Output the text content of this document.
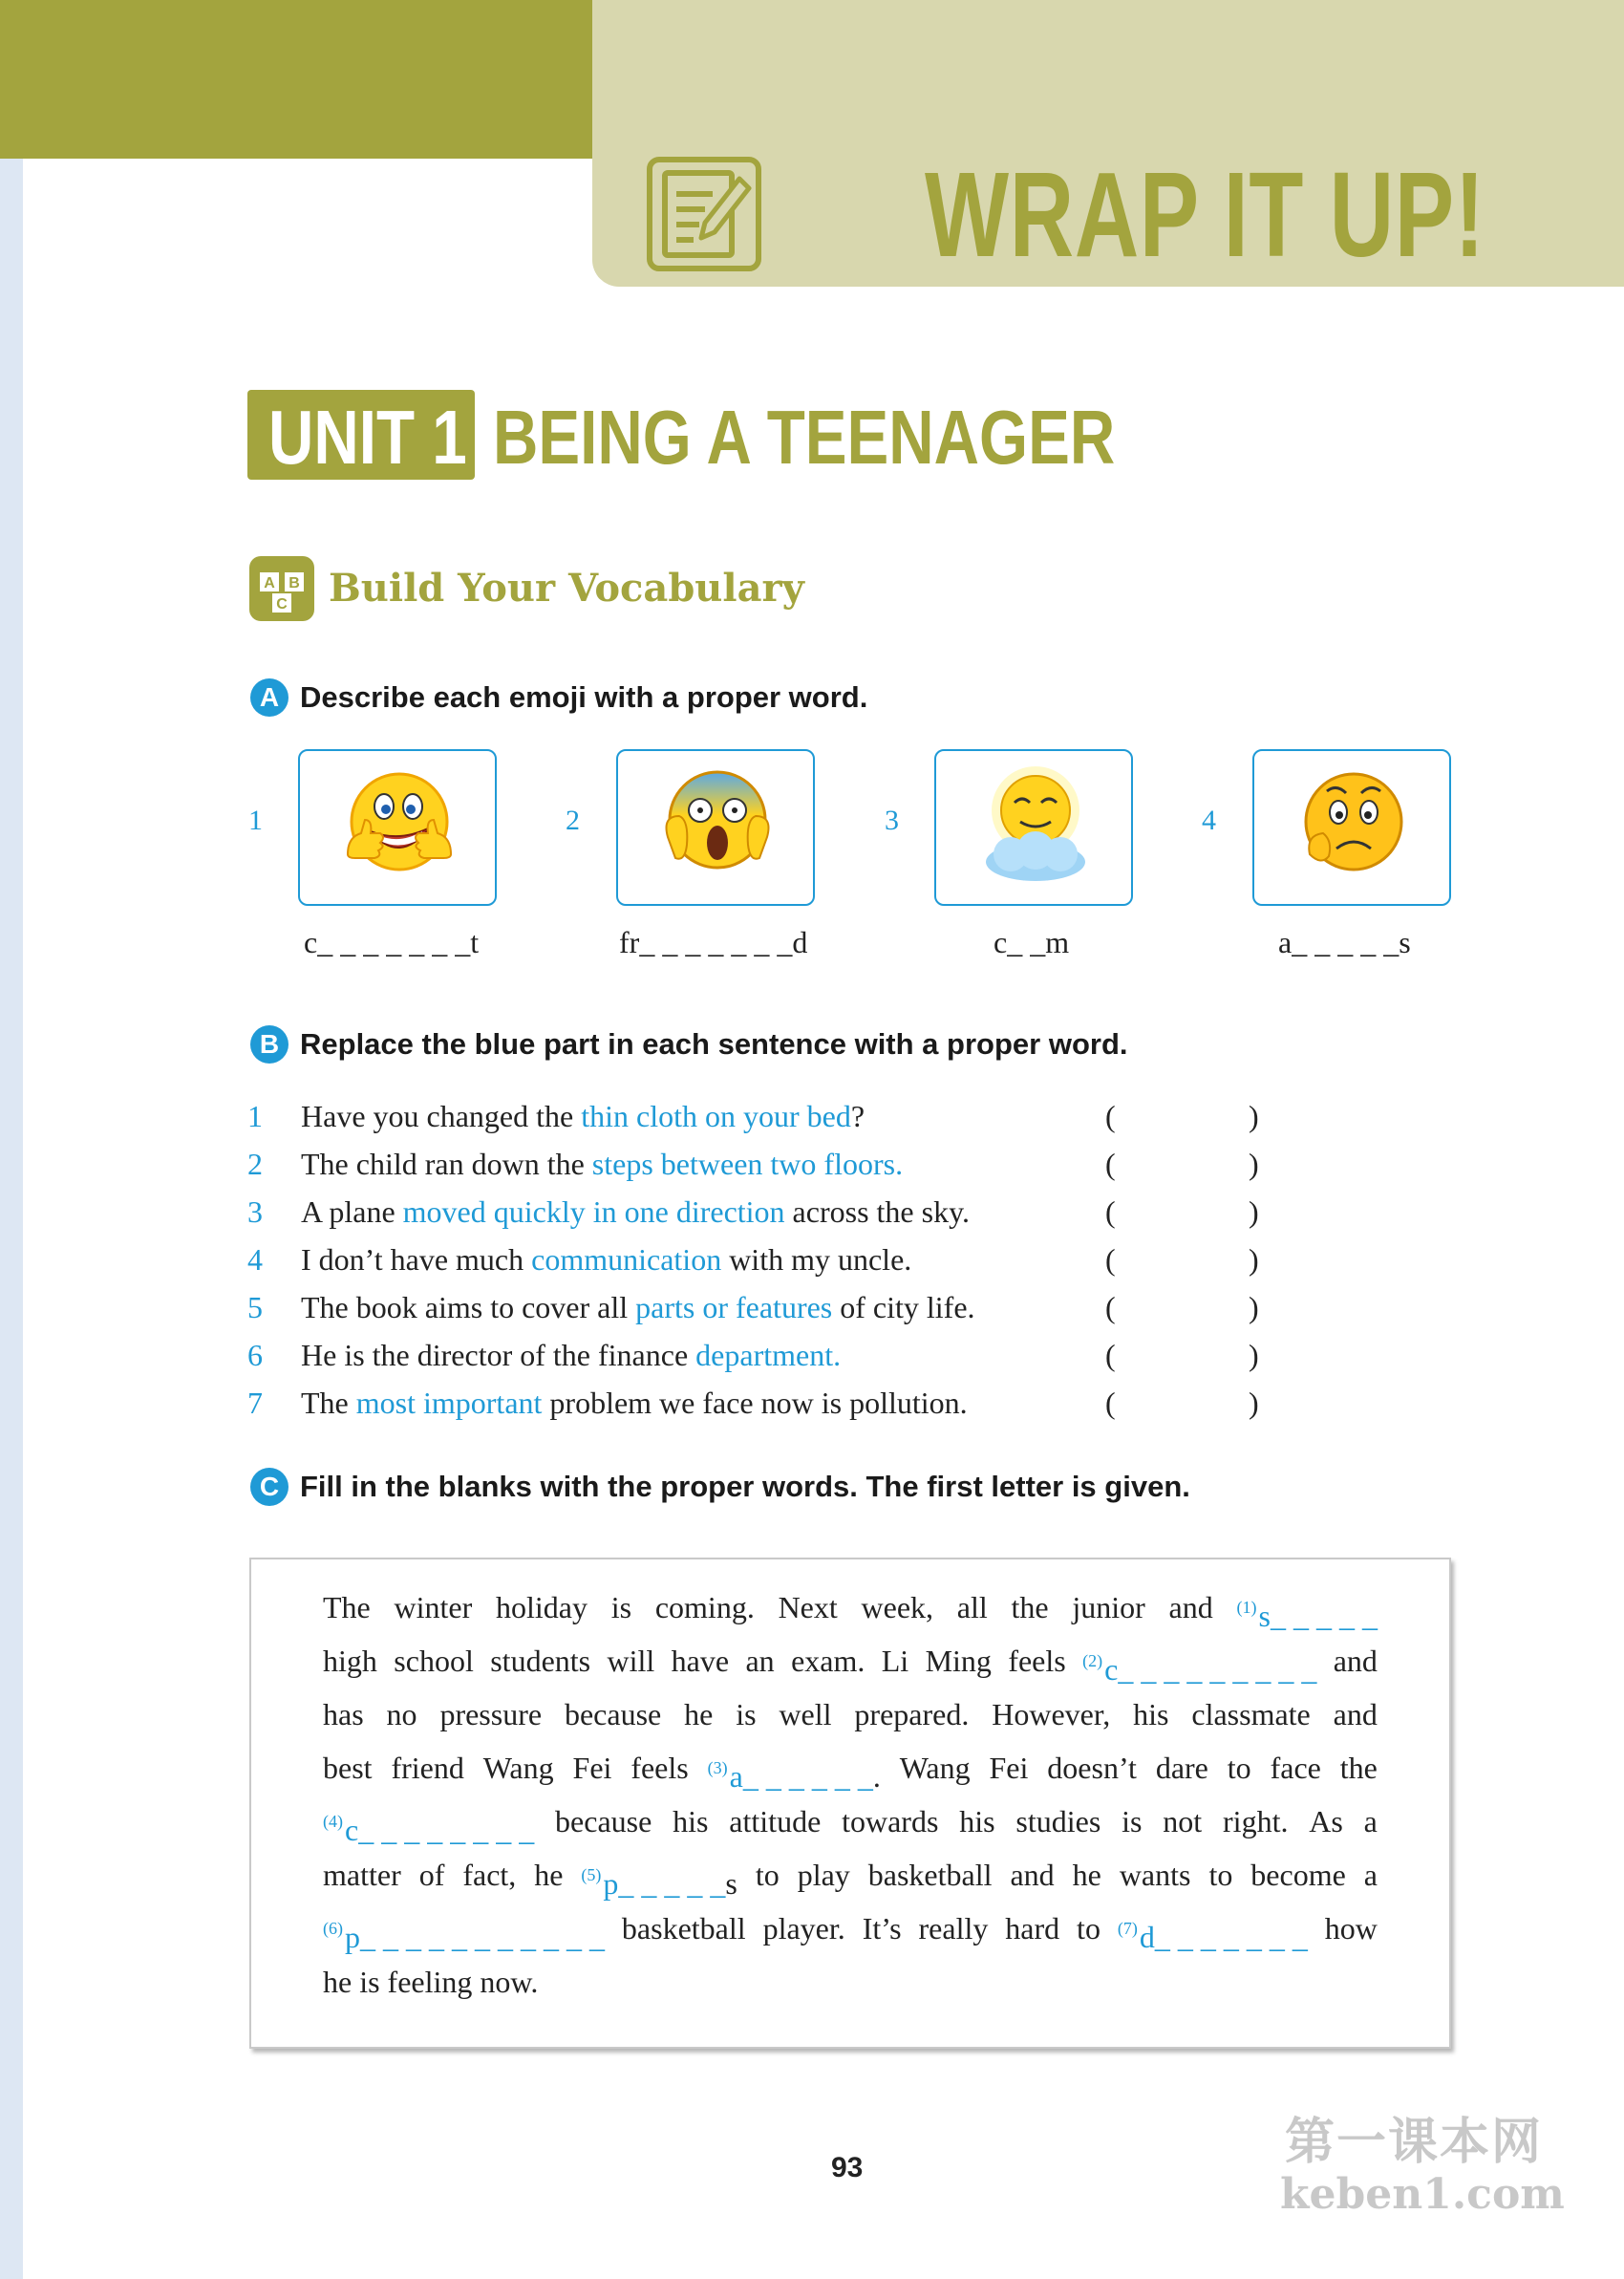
WRAP IT UP!
UNIT 1 BEING A TEENAGER
A B
C Build Your Vocabulary
A Describe each emoji with a proper word.
1
c_ _ _ _ _ _ _t
2
fr_ _ _ _ _ _ _d
3
c_ _m
4
a_ _ _ _ _s
B Replace the blue part in each sentence with a proper word.
1 Have you changed the thin cloth on your bed?	(	)
2 The child ran down the steps between two floors.	(	)
3 A plane moved quickly in one direction across the sky.	(	)
4 I don’t have much communication with my uncle.	(	)
5 The book aims to cover all parts or features of city life.	(	)
6 He is the director of the finance department.	(	)
7 The most important problem we face now is pollution.	(	)
C Fill in the blanks with the proper words. The first letter is given.
The winter holiday is coming. Next week, all the junior and $^{(1)}$s_ _ _ _ _
high school students will have an exam. Li Ming feels $^{(2)}$c_ _ _ _ _ _ _ _ _ and
has no pressure because he is well prepared. However, his classmate and
best friend Wang Fei feels $^{(3)}$a_ _ _ _ _ _. Wang Fei doesn’t dare to face the
$^{(4)}$c_ _ _ _ _ _ _ _ because his attitude towards his studies is not right. As a
matter of fact, he $^{(5)}$p_ _ _ _ _s to play basketball and he wants to become a
$^{(6)}$p_ _ _ _ _ _ _ _ _ _ _ basketball player. It’s really hard to $^{(7)}$d_ _ _ _ _ _ _ how
he is feeling now.
93	第一课本网
keben1.com
